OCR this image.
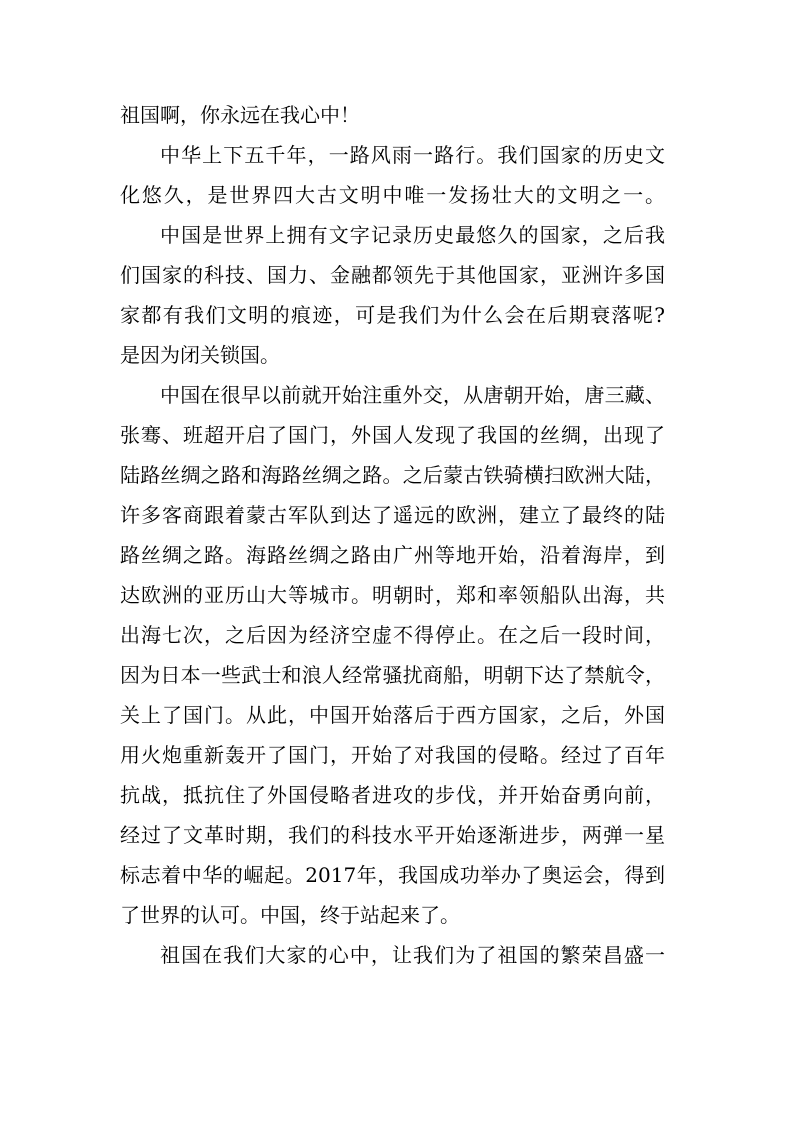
祖国啊，你永远在我心中！
中华上下五千年，一路风雨一路行。我们国家的历史文
化悠久，是世界四大古文明中唯一发扬壮大的文明之一。
中国是世界上拥有文字记录历史最悠久的国家，之后我
们国家的科技、国力、金融都领先于其他国家，亚洲许多国
家都有我们文明的痕迹，可是我们为什么会在后期衰落呢?
是因为闭关锁国。
中国在很早以前就开始注重外交，从唐朝开始，唐三藏、
张骞、班超开启了国门，外国人发现了我国的丝绸，出现了
陆路丝绸之路和海路丝绸之路。之后蒙古铁骑横扫欧洲大陆，
许多客商跟着蒙古军队到达了遥远的欧洲，建立了最终的陆
路丝绸之路。海路丝绸之路由广州等地开始，沿着海岸，到
达欧洲的亚历山大等城市。明朝时，郑和率领船队出海，共
出海七次，之后因为经济空虚不得停止。在之后一段时间，
因为日本一些武士和浪人经常骚扰商船，明朝下达了禁航令，
关上了国门。从此，中国开始落后于西方国家，之后，外国
用火炮重新轰开了国门，开始了对我国的侵略。经过了百年
抗战，抵抗住了外国侵略者进攻的步伐，并开始奋勇向前，
经过了文革时期，我们的科技水平开始逐渐进步，两弹一星
标志着中华的崛起。2017年，我国成功举办了奥运会，得到
了世界的认可。中国，终于站起来了。
祖国在我们大家的心中，让我们为了祖国的繁荣昌盛一
